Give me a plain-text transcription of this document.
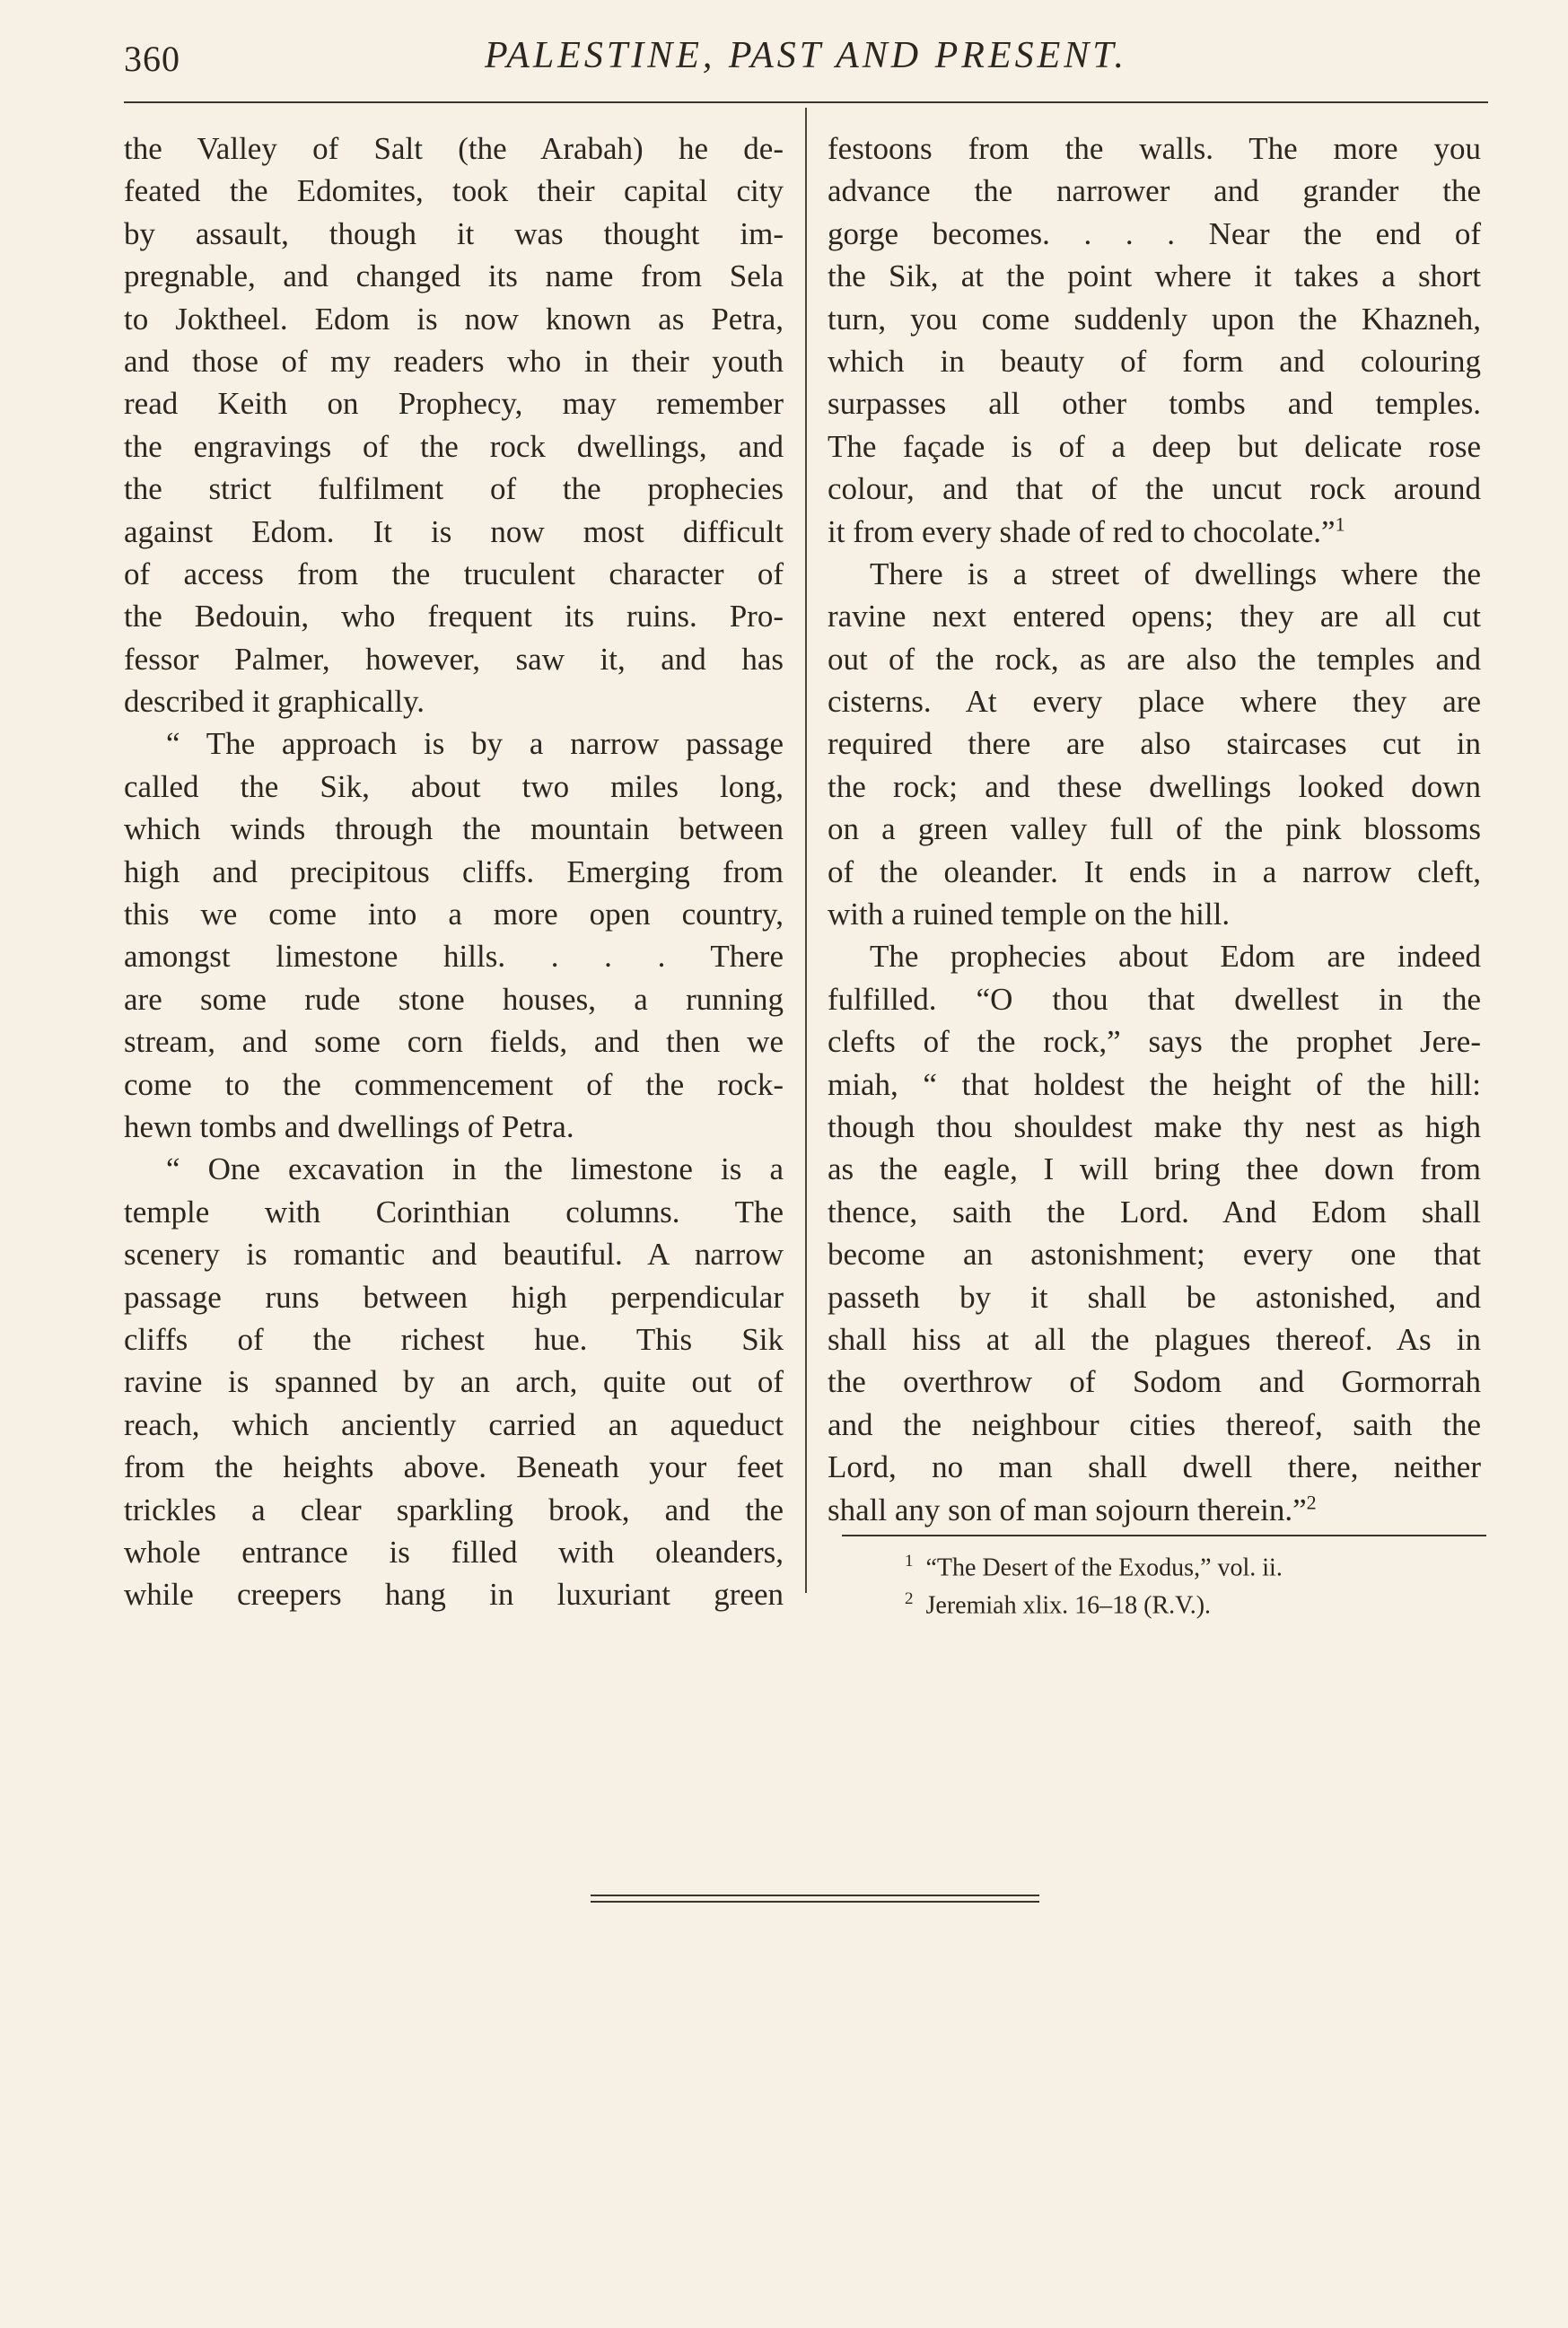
360	PALESTINE, PAST AND PRESENT.
the Valley of Salt (the Arabah) he de-
feated the Edomites, took their capital city
by assault, though it was thought im-
pregnable, and changed its name from Sela
to Joktheel. Edom is now known as Petra,
and those of my readers who in their youth
read Keith on Prophecy, may remember
the engravings of the rock dwellings, and
the strict fulfilment of the prophecies
against Edom. It is now most difficult
of access from the truculent character of
the Bedouin, who frequent its ruins. Pro-
fessor Palmer, however, saw it, and has
described it graphically.
“ The approach is by a narrow passage
called the Sik, about two miles long,
which winds through the mountain between
high and precipitous cliffs. Emerging from
this we come into a more open country,
amongst limestone hills. . . . There
are some rude stone houses, a running
stream, and some corn fields, and then we
come to the commencement of the rock-
hewn tombs and dwellings of Petra.
“ One excavation in the limestone is a
temple with Corinthian columns. The
scenery is romantic and beautiful. A narrow
passage runs between high perpendicular
cliffs of the richest hue. This Sik
ravine is spanned by an arch, quite out of
reach, which anciently carried an aqueduct
from the heights above. Beneath your feet
trickles a clear sparkling brook, and the
whole entrance is filled with oleanders,
while creepers hang in luxuriant green
festoons from the walls. The more you
advance the narrower and grander the
gorge becomes. . . . Near the end of
the Sik, at the point where it takes a short
turn, you come suddenly upon the Khazneh,
which in beauty of form and colouring
surpasses all other tombs and temples.
The façade is of a deep but delicate rose
colour, and that of the uncut rock around
it from every shade of red to chocolate.”$^1$
There is a street of dwellings where the
ravine next entered opens; they are all cut
out of the rock, as are also the temples and
cisterns. At every place where they are
required there are also staircases cut in
the rock; and these dwellings looked down
on a green valley full of the pink blossoms
of the oleander. It ends in a narrow cleft,
with a ruined temple on the hill.
The prophecies about Edom are indeed
fulfilled. “O thou that dwellest in the
clefts of the rock,” says the prophet Jere-
miah, “ that holdest the height of the hill:
though thou shouldest make thy nest as high
as the eagle, I will bring thee down from
thence, saith the Lord. And Edom shall
become an astonishment; every one that
passeth by it shall be astonished, and
shall hiss at all the plagues thereof. As in
the overthrow of Sodom and Gormorrah
and the neighbour cities thereof, saith the
Lord, no man shall dwell there, neither
shall any son of man sojourn therein.”$^2$
$^1$ “The Desert of the Exodus,” vol. ii.
$^2$ Jeremiah xlix. 16–18 (R.V.).
